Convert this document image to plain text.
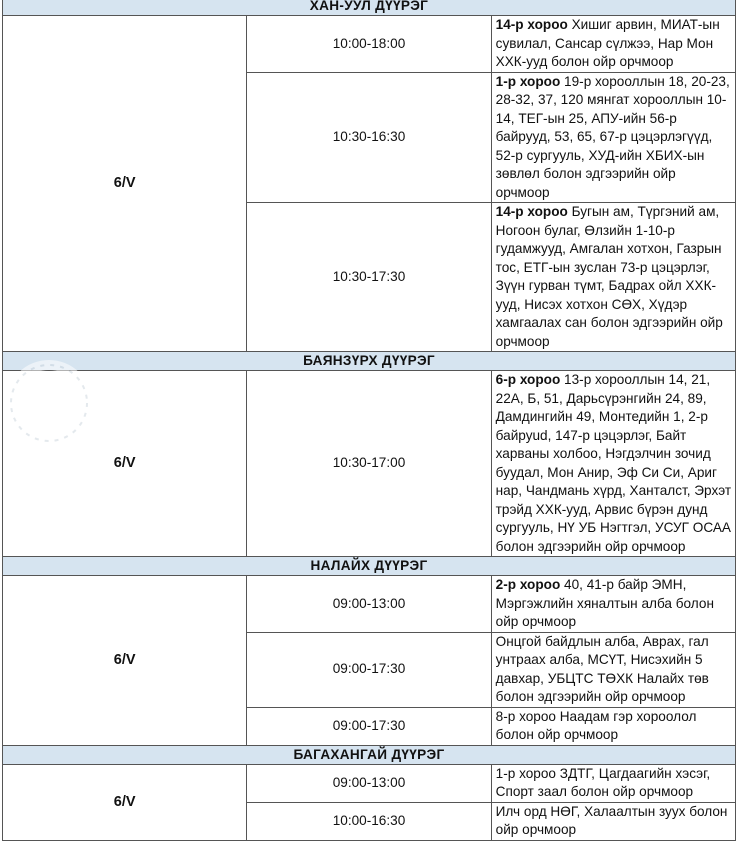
ХАН-УУЛ ДҮҮРЭГ		
6/V	10:00-18:00	14-р хороо Хишиг арвин, МИАТ-ын сувилал, Сансар сүлжээ, Нар Мон ХХК-ууд болон ойр орчмоор
	10:30-16:30	1-р хороо 19-р хорооллын 18, 20-23, 28-32, 37, 120 мянгат хорооллын 10-14, ТЕГ-ын 25, АПУ-ийн 56-р байрууд, 53, 65, 67-р цэцэрлэгүүд, 52-р сургууль, ХУД-ийн ХБИХ-ын зөвлөл болон эдгээрийн ойр орчмоор
	10:30-17:30	14-р хороо Бугын ам, Түргэний ам, Ногоон булаг, Өлзийн 1-10-р гудамжууд, Амгалан хотхон, Газрын тос, ЕТГ-ын зуслан 73-р цэцэрлэг, Зүүн гурван түмт, Бадрах ойл ХХК-ууд, Нисэх хотхон СӨХ, Хүдэр хамгаалах сан болон эдгээрийн ойр орчмоор
БАЯНЗҮРХ ДҮҮРЭГ		
6/V	10:30-17:00	6-р хороо 13-р хорооллын 14, 21, 22А, Б, 51, Дарьсүрэнгийн 24, 89, Дамдингийн 49, Монтедийн 1, 2-р байруud, 147-р цэцэрлэг, Байт харваны холбоо, Нэгдэлчин зочид буудал, Мон Анир, Эф Си Си, Ариг нар, Чандмань хүрд, Ханталст, Эрхэт трэйд ХХК-ууд, Арвис бүрэн дунд сургууль, НҮ УБ Нэгтгэл, УСУГ ОСАА болон эдгээрийн ойр орчмоор
НАЛАЙХ ДҮҮРЭГ		
6/V	09:00-13:00	2-р хороо 40, 41-р байр ЭМН, Мэргэжлийн хяналтын алба болон ойр орчмоор
	09:00-17:30	Онцгой байдлын алба, Аврах, гал унтраах алба, МСҮТ, Нисэхийн 5 давхар, УБЦТС ТӨХК Налайх төв болон эдгээрийн ойр орчмоор
	09:00-17:30	8-р хороо Наадам гэр хороолол болон ойр орчмоор
БАГАХАНГАЙ ДҮҮРЭГ		
6/V	09:00-13:00	1-р хороо ЗДТГ, Цагдаагийн хэсэг, Спорт заал болон ойр орчмоор
	10:00-16:30	Илч орд НӨГ, Халаалтын зуух болон ойр орчмоор
